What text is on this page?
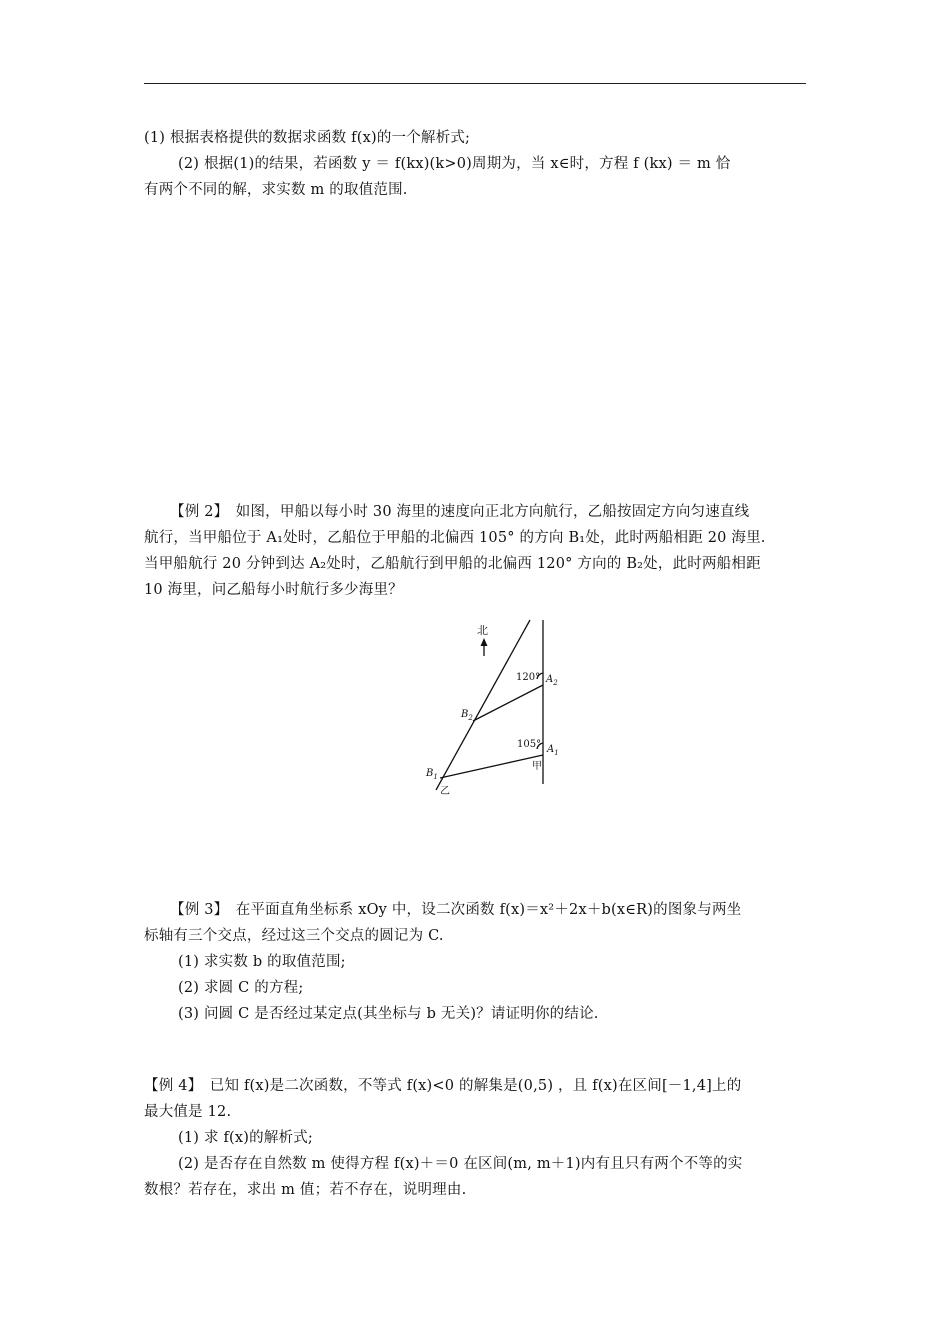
(1) 根据表格提供的数据求函数 f(x)的一个解析式;
(2) 根据(1)的结果，若函数 y ＝ f(kx)(k>0)周期为，当 x∈时，方程 f (kx) ＝ m 恰
有两个不同的解，求实数 m 的取值范围.
【例 2】　如图，甲船以每小时 30 海里的速度向正北方向航行，乙船按固定方向匀速直线
航行，当甲船位于 A₁处时，乙船位于甲船的北偏西 105° 的方向 B₁处，此时两船相距 20 海里.
当甲船航行 20 分钟到达 A₂处时，乙船航行到甲船的北偏西 120° 方向的 B₂处，此时两船相距
10 海里，问乙船每小时航行多少海里？
北
120°
105°
$A_2$
$A_1$
$B_2$
$B_1$
甲
乙
【例 3】　在平面直角坐标系 xOy 中，设二次函数 f(x)＝x²＋2x＋b(x∈R)的图象与两坐
标轴有三个交点，经过这三个交点的圆记为 C.
(1) 求实数 b 的取值范围;
(2) 求圆 C 的方程;
(3) 问圆 C 是否经过某定点(其坐标与 b 无关)？请证明你的结论.
【例 4】　已知 f(x)是二次函数，不等式 f(x)<0 的解集是(0,5) ，且 f(x)在区间[－1,4]上的
最大值是 12.
(1) 求 f(x)的解析式;
(2) 是否存在自然数 m 使得方程 f(x)＋＝0 在区间(m, m＋1)内有且只有两个不等的实
数根？若存在，求出 m 值；若不存在，说明理由.
